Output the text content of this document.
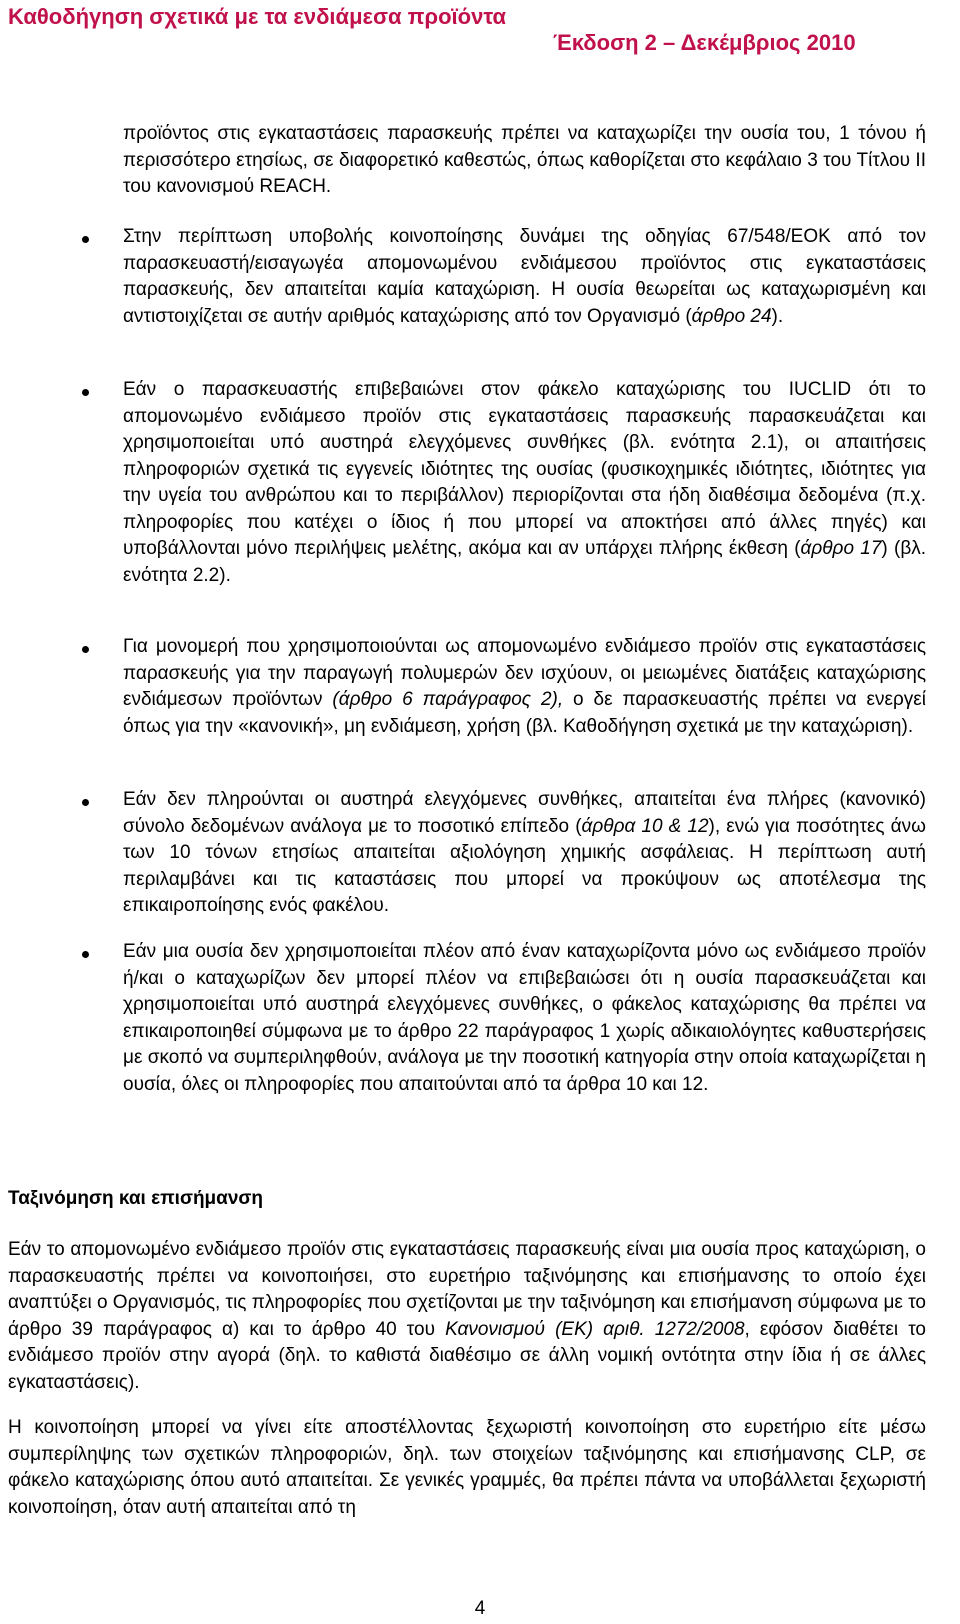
Καθοδήγηση σχετικά με τα ενδιάμεσα προϊόντα
Έκδοση 2 – Δεκέμβριος 2010
προϊόντος στις εγκαταστάσεις παρασκευής πρέπει να καταχωρίζει την ουσία του, 1 τόνου ή περισσότερο ετησίως, σε διαφορετικό καθεστώς, όπως καθορίζεται στο κεφάλαιο 3 του Τίτλου II του κανονισμού REACH.
Στην περίπτωση υποβολής κοινοποίησης δυνάμει της οδηγίας 67/548/ΕΟΚ από τον παρασκευαστή/εισαγωγέα απομονωμένου ενδιάμεσου προϊόντος στις εγκαταστάσεις παρασκευής, δεν απαιτείται καμία καταχώριση. Η ουσία θεωρείται ως καταχωρισμένη και αντιστοιχίζεται σε αυτήν αριθμός καταχώρισης από τον Οργανισμό (άρθρο 24).
Εάν ο παρασκευαστής επιβεβαιώνει στον φάκελο καταχώρισης του IUCLID ότι το απομονωμένο ενδιάμεσο προϊόν στις εγκαταστάσεις παρασκευής παρασκευάζεται και χρησιμοποιείται υπό αυστηρά ελεγχόμενες συνθήκες (βλ. ενότητα 2.1), οι απαιτήσεις πληροφοριών σχετικά τις εγγενείς ιδιότητες της ουσίας (φυσικοχημικές ιδιότητες, ιδιότητες για την υγεία του ανθρώπου και το περιβάλλον) περιορίζονται στα ήδη διαθέσιμα δεδομένα (π.χ. πληροφορίες που κατέχει ο ίδιος ή που μπορεί να αποκτήσει από άλλες πηγές) και υποβάλλονται μόνο περιλήψεις μελέτης, ακόμα και αν υπάρχει πλήρης έκθεση (άρθρο 17) (βλ. ενότητα 2.2).
Για μονομερή που χρησιμοποιούνται ως απομονωμένο ενδιάμεσο προϊόν στις εγκαταστάσεις παρασκευής για την παραγωγή πολυμερών δεν ισχύουν, οι μειωμένες διατάξεις καταχώρισης ενδιάμεσων προϊόντων (άρθρο 6 παράγραφος 2), ο δε παρασκευαστής πρέπει να ενεργεί όπως για την «κανονική», μη ενδιάμεση, χρήση (βλ. Καθοδήγηση σχετικά με την καταχώριση).
Εάν δεν πληρούνται οι αυστηρά ελεγχόμενες συνθήκες, απαιτείται ένα πλήρες (κανονικό) σύνολο δεδομένων ανάλογα με το ποσοτικό επίπεδο (άρθρα 10 & 12), ενώ για ποσότητες άνω των 10 τόνων ετησίως απαιτείται αξιολόγηση χημικής ασφάλειας. Η περίπτωση αυτή περιλαμβάνει και τις καταστάσεις που μπορεί να προκύψουν ως αποτέλεσμα της επικαιροποίησης ενός φακέλου.
Εάν μια ουσία δεν χρησιμοποιείται πλέον από έναν καταχωρίζοντα μόνο ως ενδιάμεσο προϊόν ή/και ο καταχωρίζων δεν μπορεί πλέον να επιβεβαιώσει ότι η ουσία παρασκευάζεται και χρησιμοποιείται υπό αυστηρά ελεγχόμενες συνθήκες, ο φάκελος καταχώρισης θα πρέπει να επικαιροποιηθεί σύμφωνα με το άρθρο 22 παράγραφος 1 χωρίς αδικαιολόγητες καθυστερήσεις με σκοπό να συμπεριληφθούν, ανάλογα με την ποσοτική κατηγορία στην οποία καταχωρίζεται η ουσία, όλες οι πληροφορίες που απαιτούνται από τα άρθρα 10 και 12.
Ταξινόμηση και επισήμανση
Εάν το απομονωμένο ενδιάμεσο προϊόν στις εγκαταστάσεις παρασκευής είναι μια ουσία προς καταχώριση, ο παρασκευαστής πρέπει να κοινοποιήσει, στο ευρετήριο ταξινόμησης και επισήμανσης το οποίο έχει αναπτύξει ο Οργανισμός, τις πληροφορίες που σχετίζονται με την ταξινόμηση και επισήμανση σύμφωνα με το άρθρο 39 παράγραφος α) και το άρθρο 40 του Κανονισμού (ΕΚ) αριθ. 1272/2008, εφόσον διαθέτει το ενδιάμεσο προϊόν στην αγορά (δηλ. το καθιστά διαθέσιμο σε άλλη νομική οντότητα στην ίδια ή σε άλλες εγκαταστάσεις).
Η κοινοποίηση μπορεί να γίνει είτε αποστέλλοντας ξεχωριστή κοινοποίηση στο ευρετήριο είτε μέσω συμπερίληψης των σχετικών πληροφοριών, δηλ. των στοιχείων ταξινόμησης και επισήμανσης CLP, σε φάκελο καταχώρισης όπου αυτό απαιτείται. Σε γενικές γραμμές, θα πρέπει πάντα να υποβάλλεται ξεχωριστή κοινοποίηση, όταν αυτή απαιτείται από τη
4
